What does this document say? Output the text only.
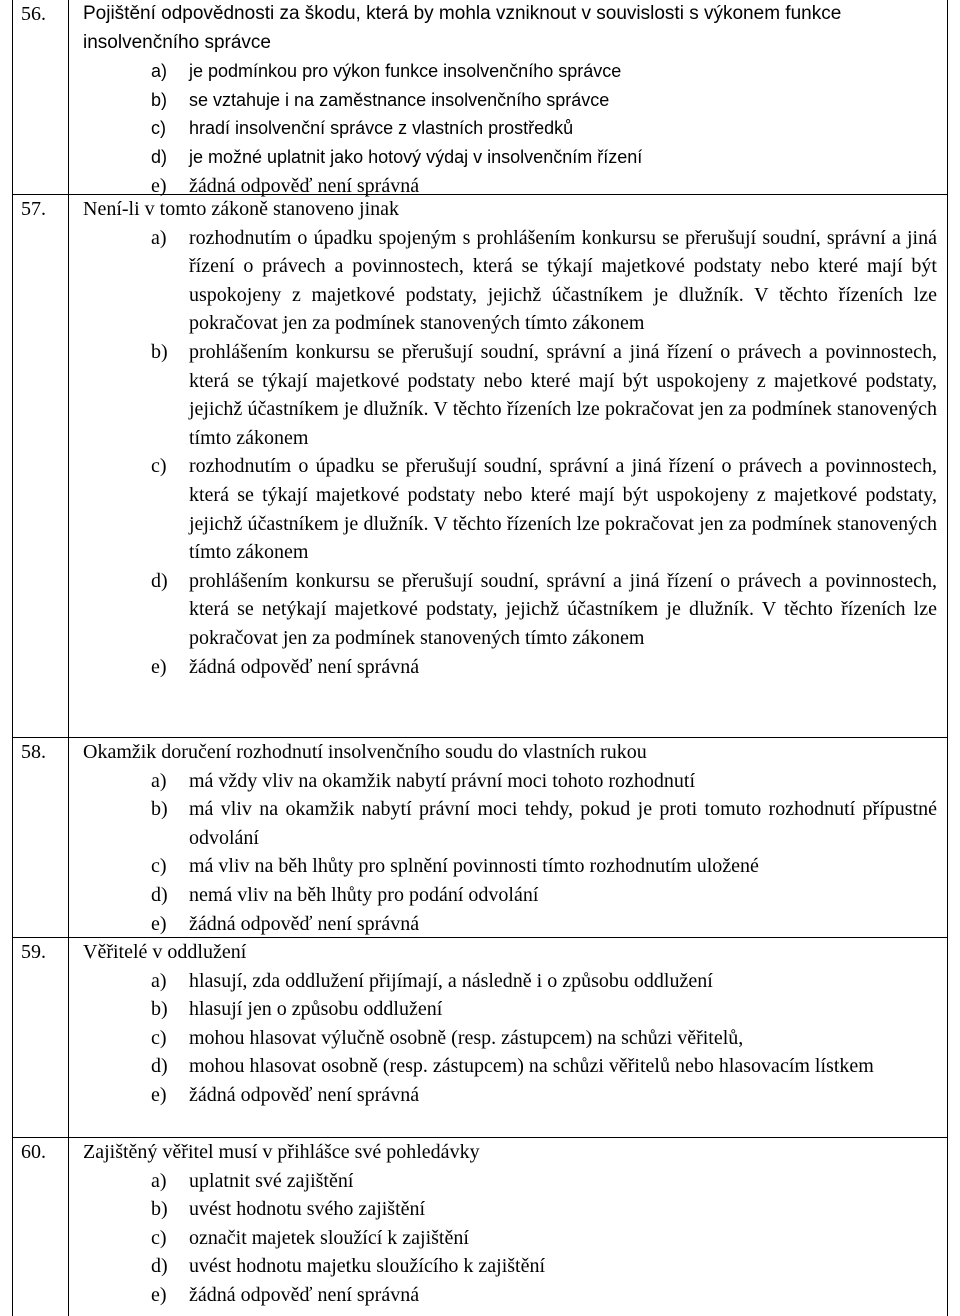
56.	Pojištění odpovědnosti za škodu, která by mohla vzniknout v souvislosti s výkonem funkce insolvenčního správce
a)	je podmínkou pro výkon funkce insolvenčního správce
b)	se vztahuje i na zaměstnance insolvenčního správce
c)	hradí insolvenční správce z vlastních prostředků
d)	je možné uplatnit jako hotový výdaj v insolvenčním řízení
e)	žádná odpověď není správná
57.	Není-li v tomto zákoně stanoveno jinak
a)	rozhodnutím o úpadku spojeným s prohlášením konkursu se přerušují soudní, správní a jiná řízení o právech a povinnostech, která se týkají majetkové podstaty nebo které mají být uspokojeny z majetkové podstaty, jejichž účastníkem je dlužník. V těchto řízeních lze pokračovat jen za podmínek stanovených tímto zákonem
b)	prohlášením konkursu se přerušují soudní, správní a jiná řízení o právech a povinnostech, která se týkají majetkové podstaty nebo které mají být uspokojeny z majetkové podstaty, jejichž účastníkem je dlužník. V těchto řízeních lze pokračovat jen za podmínek stanovených tímto zákonem
c)	rozhodnutím o úpadku se přerušují soudní, správní a jiná řízení o právech a povinnostech, která se týkají majetkové podstaty nebo které mají být uspokojeny z majetkové podstaty, jejichž účastníkem je dlužník. V těchto řízeních lze pokračovat jen za podmínek stanovených tímto zákonem
d)	prohlášením konkursu se přerušují soudní, správní a jiná řízení o právech a povinnostech, která se netýkají majetkové podstaty, jejichž účastníkem je dlužník. V těchto řízeních lze pokračovat jen za podmínek stanovených tímto zákonem
e)	žádná odpověď není správná
58.	Okamžik doručení rozhodnutí insolvenčního soudu do vlastních rukou
a)	má vždy vliv na okamžik nabytí právní moci tohoto rozhodnutí
b)	má vliv na okamžik nabytí právní moci tehdy, pokud je proti tomuto rozhodnutí přípustné odvolání
c)	má vliv na běh lhůty pro splnění povinnosti tímto rozhodnutím uložené
d)	nemá vliv na běh lhůty pro podání odvolání
e)	žádná odpověď není správná
59.	Věřitelé v oddlužení
a)	hlasují, zda oddlužení přijímají, a následně i o způsobu oddlužení
b)	hlasují jen o způsobu oddlužení
c)	mohou hlasovat výlučně osobně (resp. zástupcem) na schůzi věřitelů,
d)	mohou hlasovat osobně (resp. zástupcem) na schůzi věřitelů nebo hlasovacím lístkem
e)	žádná odpověď není správná
60.	Zajištěný věřitel musí v přihlášce své pohledávky
a)	uplatnit své zajištění
b)	uvést hodnotu svého zajištění
c)	označit majetek sloužící k zajištění
d)	uvést hodnotu majetku sloužícího k zajištění
e)	žádná odpověď není správná
